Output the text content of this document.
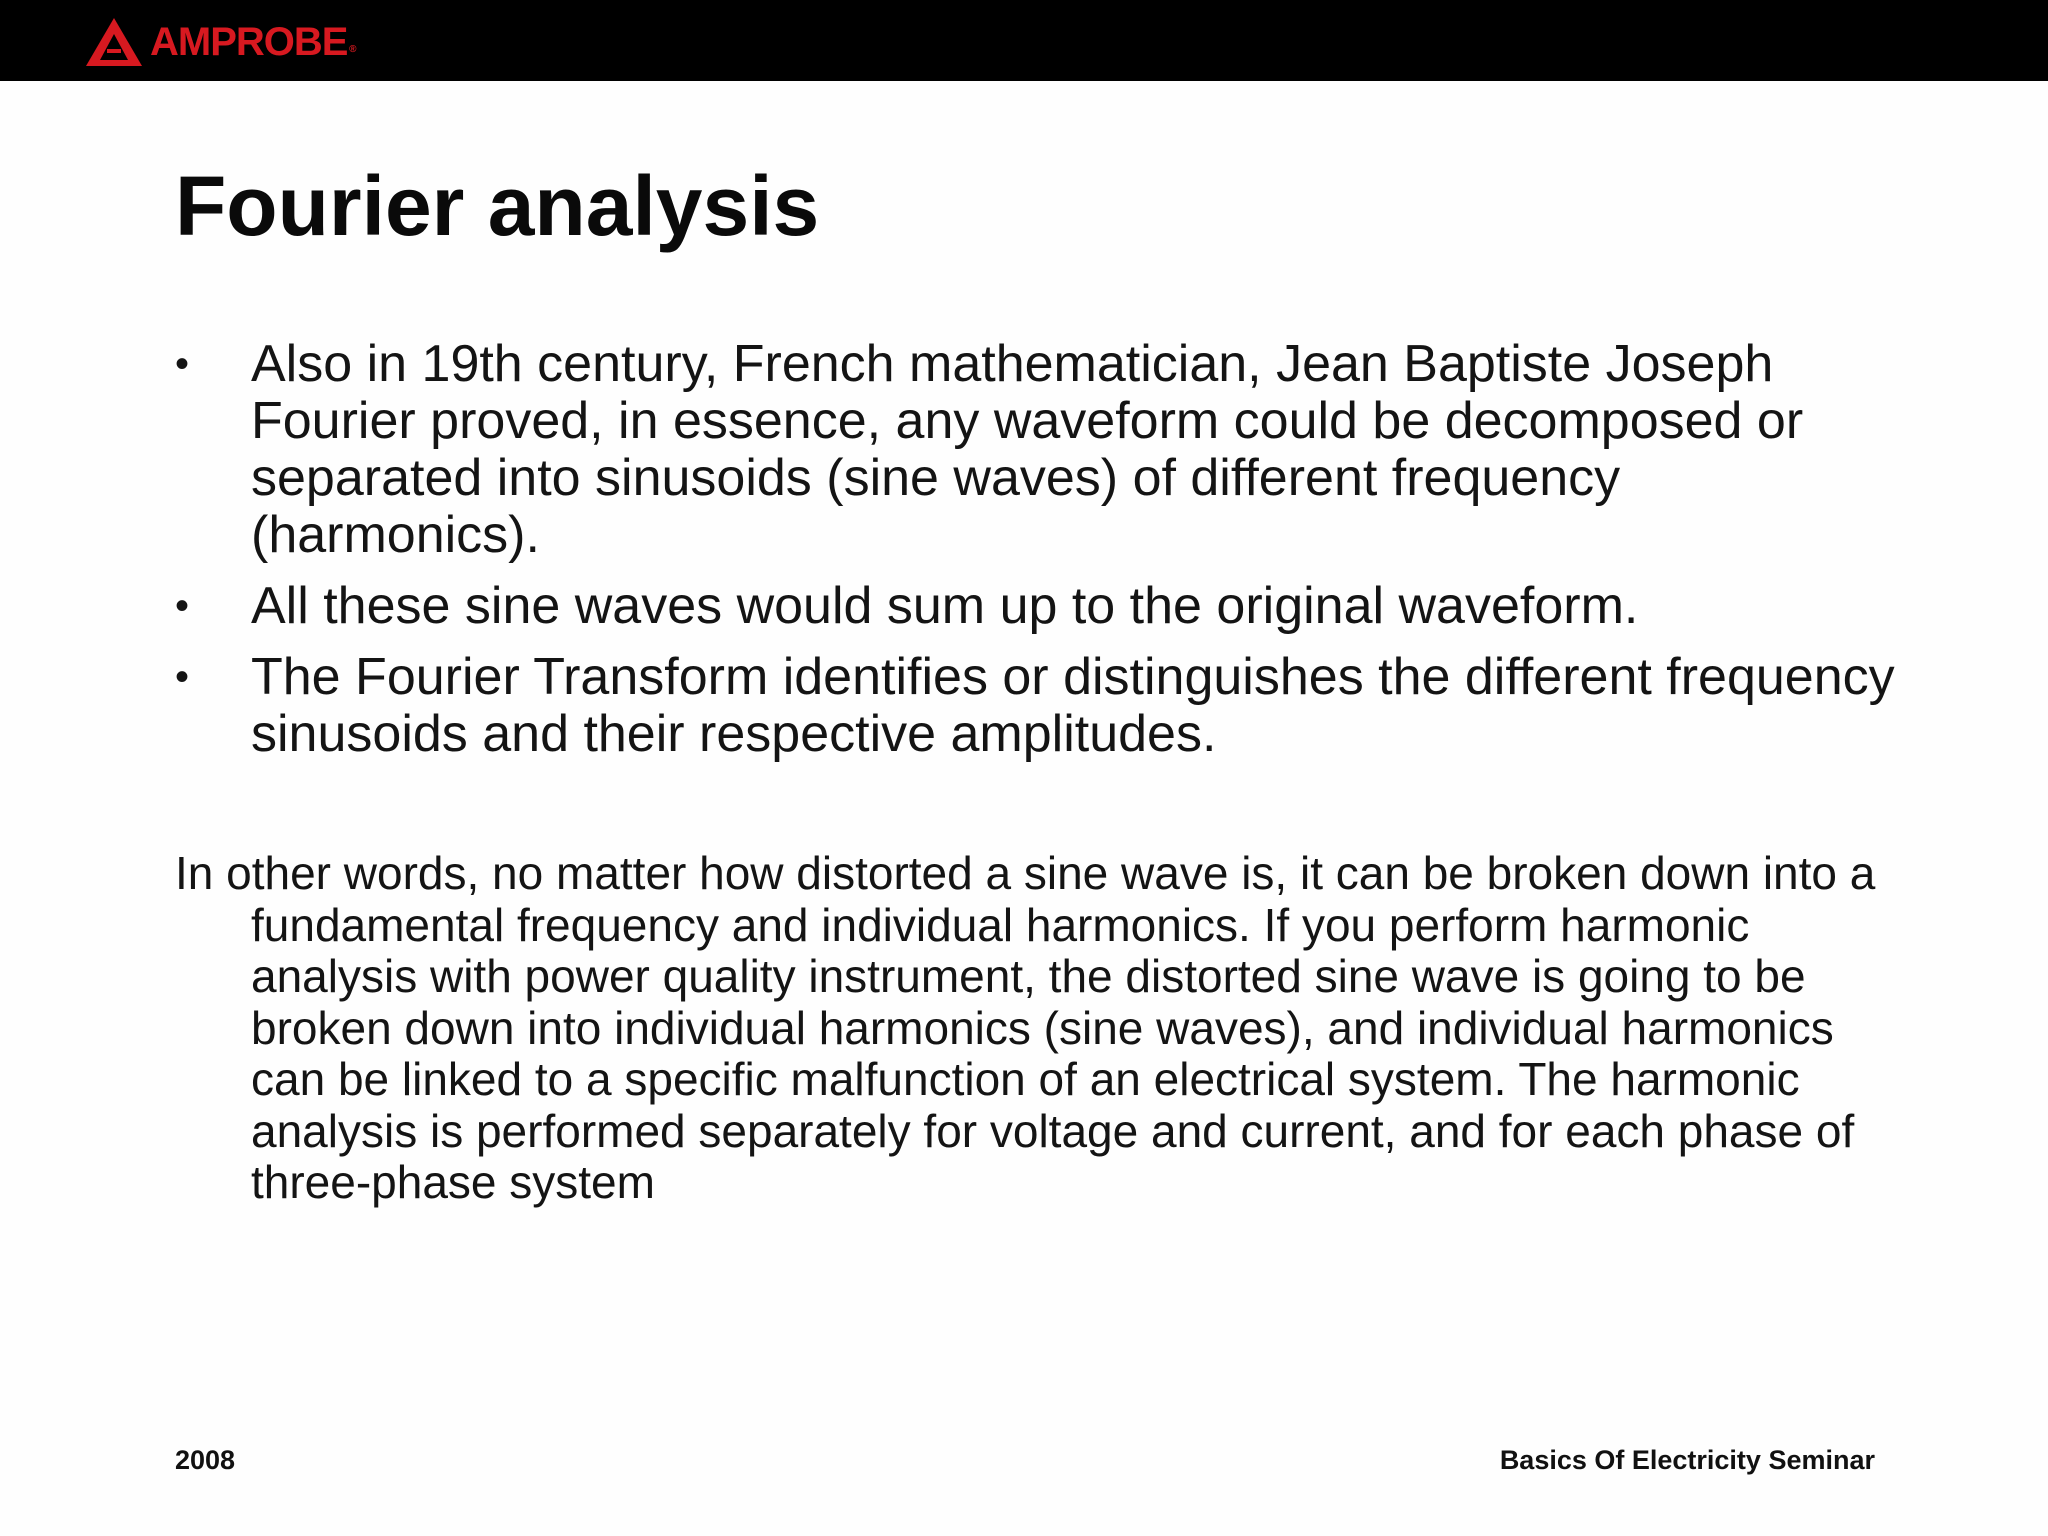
AMPROBE ®
Fourier analysis
•	Also in 19th century, French mathematician, Jean Baptiste Joseph Fourier proved, in essence, any waveform could be decomposed or separated into sinusoids (sine waves) of different frequency (harmonics).
•	All these sine waves would sum up to the original waveform.
•	The Fourier Transform identifies or distinguishes the different frequency sinusoids and their respective amplitudes.

In other words, no matter how distorted a sine wave is, it can be broken down into a fundamental frequency and individual harmonics. If you perform harmonic analysis with power quality instrument, the distorted sine wave is going to be broken down into individual harmonics (sine waves), and individual harmonics can be linked to a specific malfunction of an electrical system. The harmonic analysis is performed separately for voltage and current, and for each phase of three-phase system

2008	Basics Of Electricity Seminar
